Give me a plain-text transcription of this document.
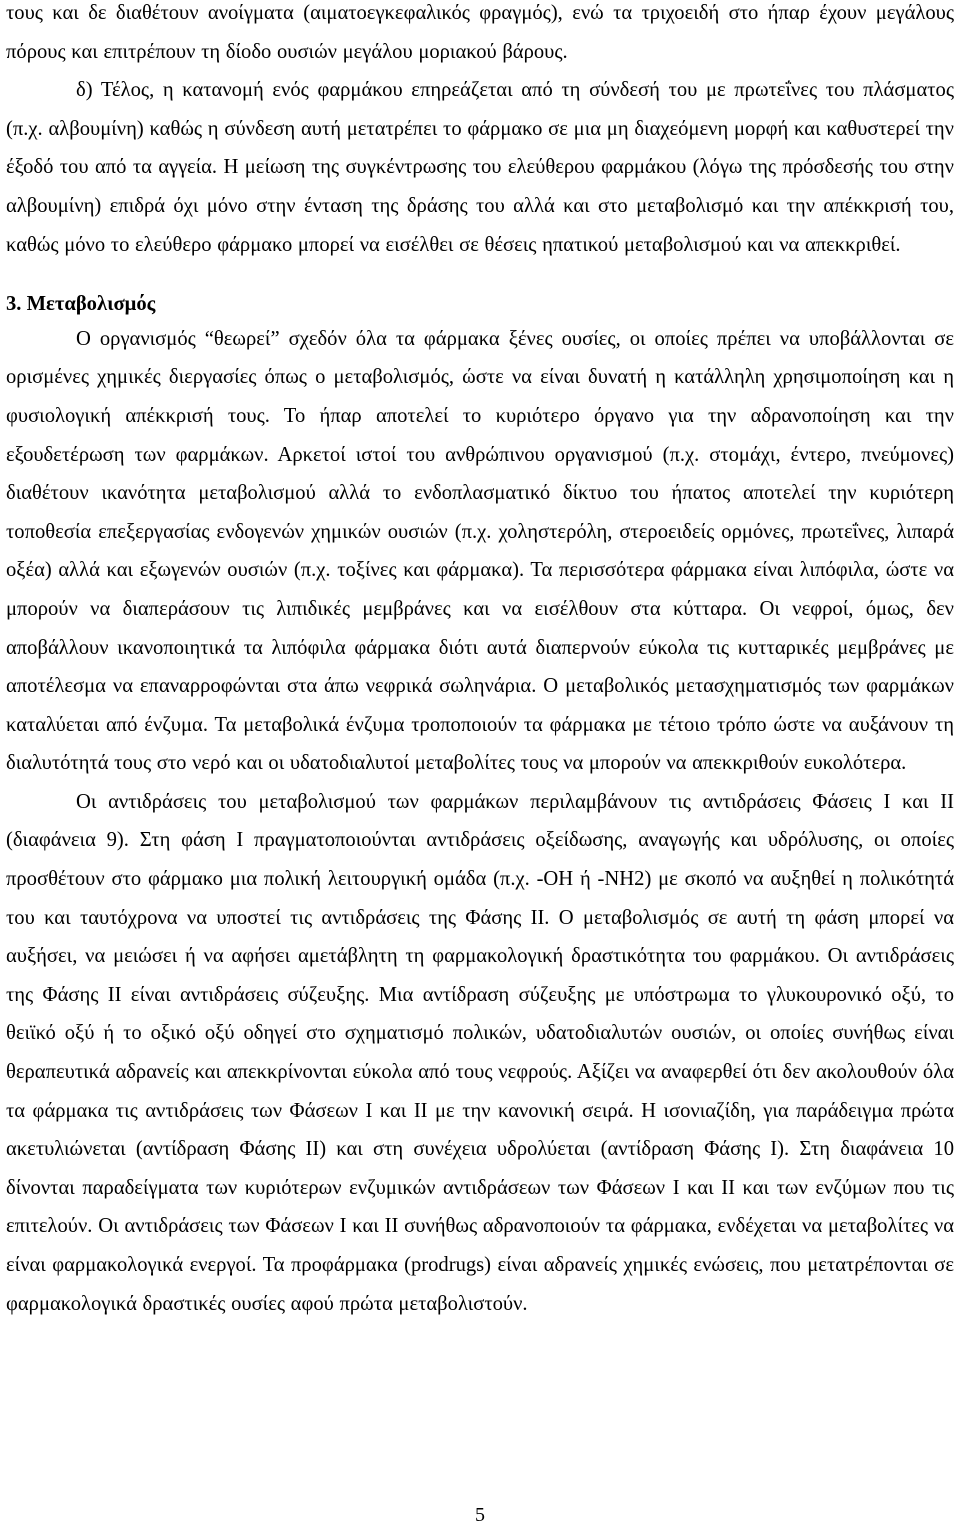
τους και δε διαθέτουν ανοίγματα (αιματοεγκεφαλικός φραγμός), ενώ τα τριχοειδή στο ήπαρ έχουν μεγάλους πόρους και επιτρέπουν τη δίοδο ουσιών μεγάλου μοριακού βάρους.

δ) Τέλος, η κατανομή ενός φαρμάκου επηρεάζεται από τη σύνδεσή του με πρωτεΐνες του πλάσματος (π.χ. αλβουμίνη) καθώς η σύνδεση αυτή μετατρέπει το φάρμακο σε μια μη διαχεόμενη μορφή και καθυστερεί την έξοδό του από τα αγγεία. Η μείωση της συγκέντρωσης του ελεύθερου φαρμάκου (λόγω της πρόσδεσής του στην αλβουμίνη) επιδρά όχι μόνο στην ένταση της δράσης του αλλά και στο μεταβολισμό και την απέκκρισή του, καθώς μόνο το ελεύθερο φάρμακο μπορεί να εισέλθει σε θέσεις ηπατικού μεταβολισμού και να απεκκριθεί.

3. Μεταβολισμός

Ο οργανισμός “θεωρεί” σχεδόν όλα τα φάρμακα ξένες ουσίες, οι οποίες πρέπει να υποβάλλονται σε ορισμένες χημικές διεργασίες όπως ο μεταβολισμός, ώστε να είναι δυνατή η κατάλληλη χρησιμοποίηση και η φυσιολογική απέκκρισή τους. Το ήπαρ αποτελεί το κυριότερο όργανο για την αδρανοποίηση και την εξουδετέρωση των φαρμάκων. Αρκετοί ιστοί του ανθρώπινου οργανισμού (π.χ. στομάχι, έντερο, πνεύμονες) διαθέτουν ικανότητα μεταβολισμού αλλά το ενδοπλασματικό δίκτυο του ήπατος αποτελεί την κυριότερη τοποθεσία επεξεργασίας ενδογενών χημικών ουσιών (π.χ. χοληστερόλη, στεροειδείς ορμόνες, πρωτεΐνες, λιπαρά οξέα) αλλά και εξωγενών ουσιών (π.χ. τοξίνες και φάρμακα). Τα περισσότερα φάρμακα είναι λιπόφιλα, ώστε να μπορούν να διαπεράσουν τις λιπιδικές μεμβράνες και να εισέλθουν στα κύτταρα. Οι νεφροί, όμως, δεν αποβάλλουν ικανοποιητικά τα λιπόφιλα φάρμακα διότι αυτά διαπερνούν εύκολα τις κυτταρικές μεμβράνες με αποτέλεσμα να επαναρροφώνται στα άπω νεφρικά σωληνάρια. Ο μεταβολικός μετασχηματισμός των φαρμάκων καταλύεται από ένζυμα. Τα μεταβολικά ένζυμα τροποποιούν τα φάρμακα με τέτοιο τρόπο ώστε να αυξάνουν τη διαλυτότητά τους στο νερό και οι υδατοδιαλυτοί μεταβολίτες τους να μπορούν να απεκκριθούν ευκολότερα.

Οι αντιδράσεις του μεταβολισμού των φαρμάκων περιλαμβάνουν τις αντιδράσεις Φάσεις Ι και ΙΙ (διαφάνεια 9). Στη φάση Ι πραγματοποιούνται αντιδράσεις οξείδωσης, αναγωγής και υδρόλυσης, οι οποίες προσθέτουν στο φάρμακο μια πολική λειτουργική ομάδα (π.χ. -ΟΗ ή -ΝΗ2) με σκοπό να αυξηθεί η πολικότητά του και ταυτόχρονα να υποστεί τις αντιδράσεις της Φάσης ΙΙ. Ο μεταβολισμός σε αυτή τη φάση μπορεί να αυξήσει, να μειώσει ή να αφήσει αμετάβλητη τη φαρμακολογική δραστικότητα του φαρμάκου. Οι αντιδράσεις της Φάσης ΙΙ είναι αντιδράσεις σύζευξης. Μια αντίδραση σύζευξης με υπόστρωμα το γλυκουρονικό οξύ, το θειϊκό οξύ ή το οξικό οξύ οδηγεί στο σχηματισμό πολικών, υδατοδιαλυτών ουσιών, οι οποίες συνήθως είναι θεραπευτικά αδρανείς και απεκκρίνονται εύκολα από τους νεφρούς. Αξίζει να αναφερθεί ότι δεν ακολουθούν όλα τα φάρμακα τις αντιδράσεις των Φάσεων Ι και ΙΙ με την κανονική σειρά. Η ισονιαζίδη, για παράδειγμα πρώτα ακετυλιώνεται (αντίδραση Φάσης ΙΙ) και στη συνέχεια υδρολύεται (αντίδραση Φάσης Ι). Στη διαφάνεια 10 δίνονται παραδείγματα των κυριότερων ενζυμικών αντιδράσεων των Φάσεων Ι και ΙΙ και των ενζύμων που τις επιτελούν. Οι αντιδράσεις των Φάσεων Ι και ΙΙ συνήθως αδρανοποιούν τα φάρμακα, ενδέχεται να μεταβολίτες να είναι φαρμακολογικά ενεργοί. Τα προφάρμακα (prodrugs) είναι αδρανείς χημικές ενώσεις, που μετατρέπονται σε φαρμακολογικά δραστικές ουσίες αφού πρώτα μεταβολιστούν.

5
